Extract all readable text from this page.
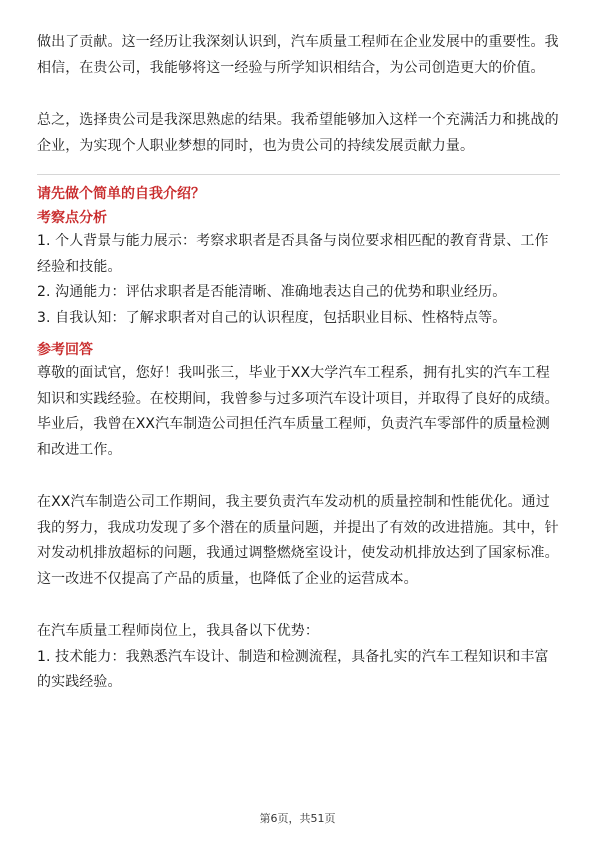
做出了贡献。这一经历让我深刻认识到，汽车质量工程师在企业发展中的重要性。我相信，在贵公司，我能够将这一经验与所学知识相结合，为公司创造更大的价值。

总之，选择贵公司是我深思熟虑的结果。我希望能够加入这样一个充满活力和挑战的企业，为实现个人职业梦想的同时，也为贵公司的持续发展贡献力量。

请先做个简单的自我介绍？
考察点分析

1. 个人背景与能力展示：考察求职者是否具备与岗位要求相匹配的教育背景、工作经验和技能。

2. 沟通能力：评估求职者是否能清晰、准确地表达自己的优势和职业经历。

3. 自我认知：了解求职者对自己的认识程度，包括职业目标、性格特点等。

参考回答

尊敬的面试官，您好！我叫张三，毕业于XX大学汽车工程系，拥有扎实的汽车工程知识和实践经验。在校期间，我曾参与过多项汽车设计项目，并取得了良好的成绩。毕业后，我曾在XX汽车制造公司担任汽车质量工程师，负责汽车零部件的质量检测和改进工作。

在XX汽车制造公司工作期间，我主要负责汽车发动机的质量控制和性能优化。通过我的努力，我成功发现了多个潜在的质量问题，并提出了有效的改进措施。其中，针对发动机排放超标的问题，我通过调整燃烧室设计，使发动机排放达到了国家标准。这一改进不仅提高了产品的质量，也降低了企业的运营成本。

在汽车质量工程师岗位上，我具备以下优势：

1. 技术能力：我熟悉汽车设计、制造和检测流程，具备扎实的汽车工程知识和丰富的实践经验。

第6页，共51页
